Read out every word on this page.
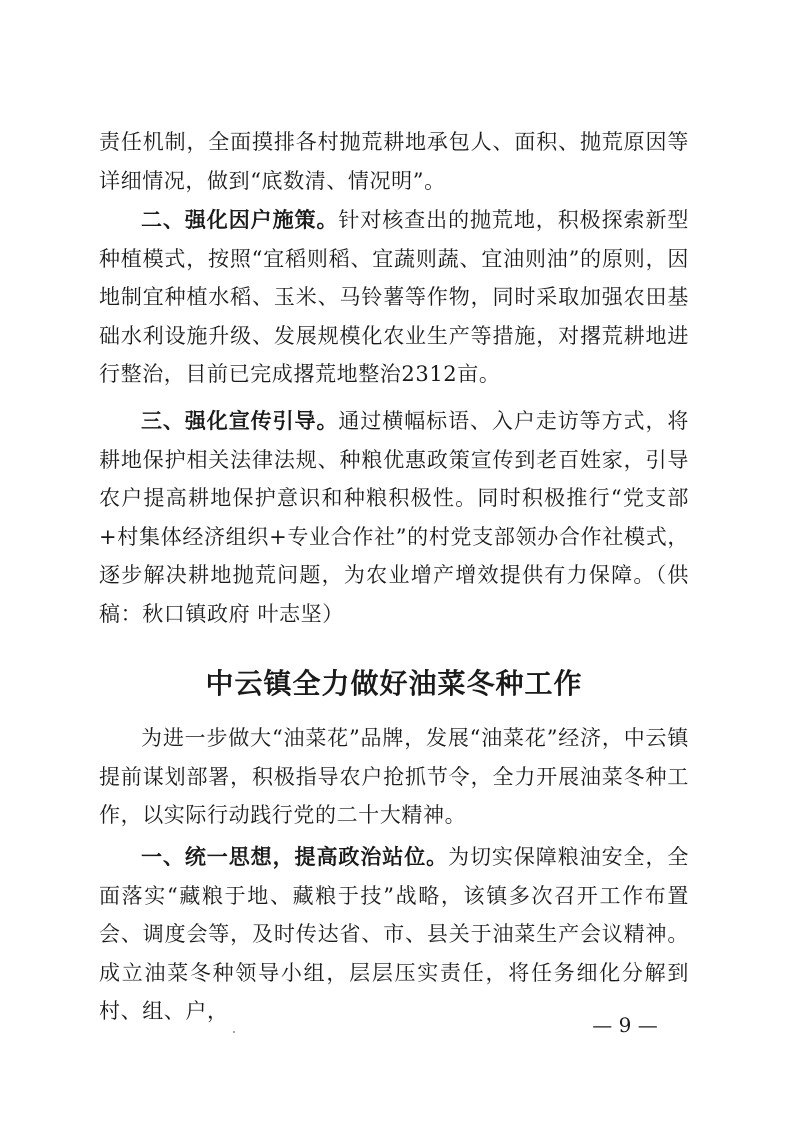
责任机制，全面摸排各村抛荒耕地承包人、面积、抛荒原因等详细情况，做到“底数清、情况明”。
二、强化因户施策。针对核查出的抛荒地，积极探索新型种植模式，按照“宜稻则稻、宜蔬则蔬、宜油则油”的原则，因地制宜种植水稻、玉米、马铃薯等作物，同时采取加强农田基础水利设施升级、发展规模化农业生产等措施，对撂荒耕地进行整治，目前已完成撂荒地整治2312亩。
三、强化宣传引导。通过横幅标语、入户走访等方式，将耕地保护相关法律法规、种粮优惠政策宣传到老百姓家，引导农户提高耕地保护意识和种粮积极性。同时积极推行“党支部+村集体经济组织+专业合作社”的村党支部领办合作社模式，逐步解决耕地抛荒问题，为农业增产增效提供有力保障。（供稿：秋口镇政府 叶志坚）
中云镇全力做好油菜冬种工作
为进一步做大“油菜花”品牌，发展“油菜花”经济，中云镇提前谋划部署，积极指导农户抢抓节令，全力开展油菜冬种工作，以实际行动践行党的二十大精神。
一、统一思想，提高政治站位。为切实保障粮油安全，全面落实“藏粮于地、藏粮于技”战略，该镇多次召开工作布置会、调度会等，及时传达省、市、县关于油菜生产会议精神。成立油菜冬种领导小组，层层压实责任，将任务细化分解到村、组、户，
— 9 —
